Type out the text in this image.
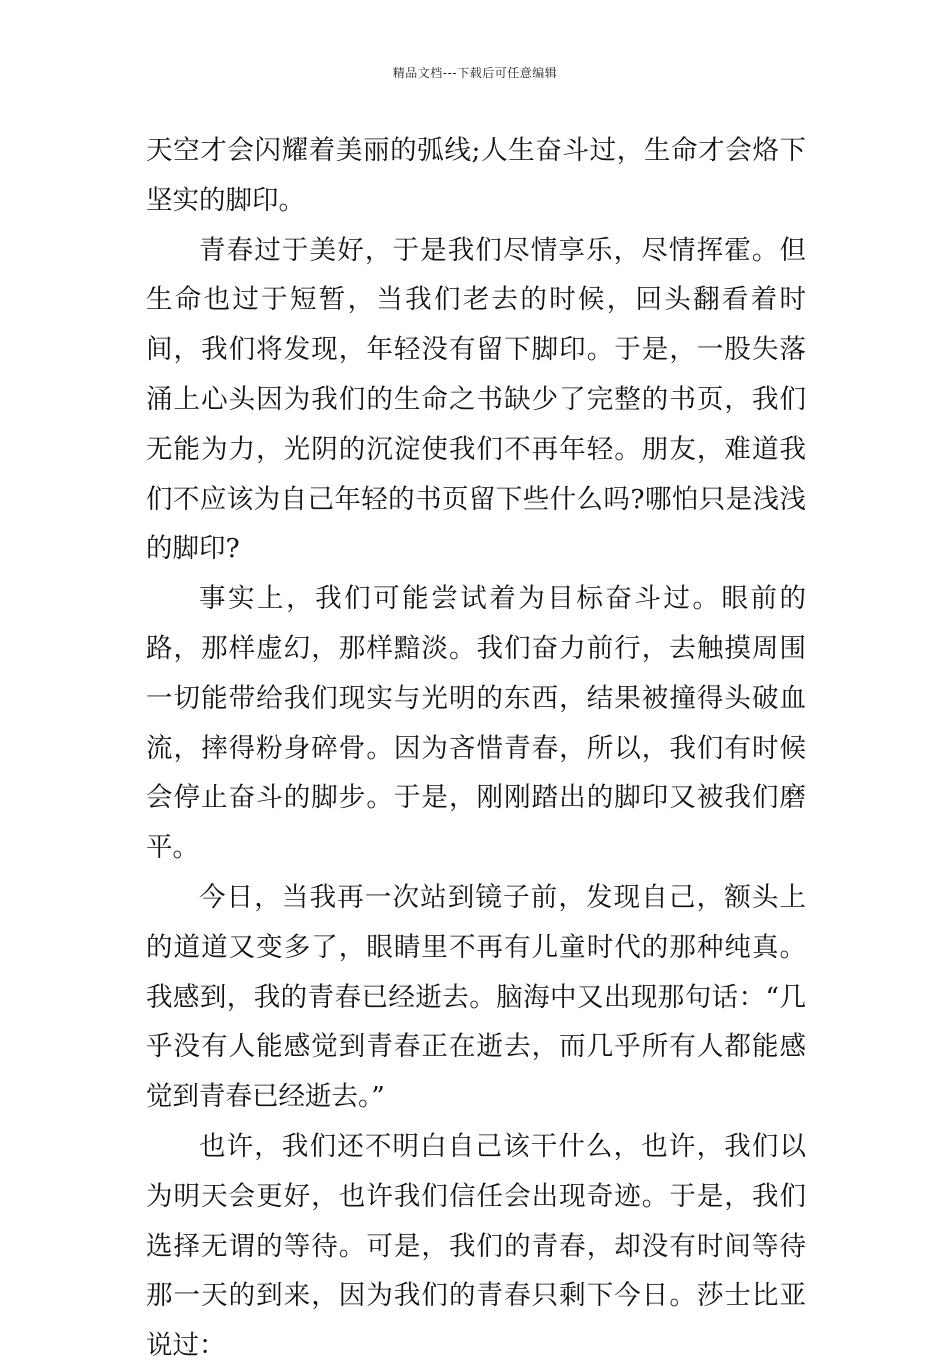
精品文档---下载后可任意编辑

天空才会闪耀着美丽的弧线;人生奋斗过，生命才会烙下坚实的脚印。

青春过于美好，于是我们尽情享乐，尽情挥霍。但生命也过于短暂，当我们老去的时候，回头翻看着时间，我们将发现，年轻没有留下脚印。于是，一股失落涌上心头因为我们的生命之书缺少了完整的书页，我们无能为力，光阴的沉淀使我们不再年轻。朋友，难道我们不应该为自己年轻的书页留下些什么吗?哪怕只是浅浅的脚印?

事实上，我们可能尝试着为目标奋斗过。眼前的路，那样虚幻，那样黯淡。我们奋力前行，去触摸周围一切能带给我们现实与光明的东西，结果被撞得头破血流，摔得粉身碎骨。因为吝惜青春，所以，我们有时候会停止奋斗的脚步。于是，刚刚踏出的脚印又被我们磨平。

今日，当我再一次站到镜子前，发现自己，额头上的道道又变多了，眼睛里不再有儿童时代的那种纯真。我感到，我的青春已经逝去。脑海中又出现那句话：“几乎没有人能感觉到青春正在逝去，而几乎所有人都能感觉到青春已经逝去。”

也许，我们还不明白自己该干什么，也许，我们以为明天会更好，也许我们信任会出现奇迹。于是，我们选择无谓的等待。可是，我们的青春，却没有时间等待那一天的到来，因为我们的青春只剩下今日。莎士比亚说过：
